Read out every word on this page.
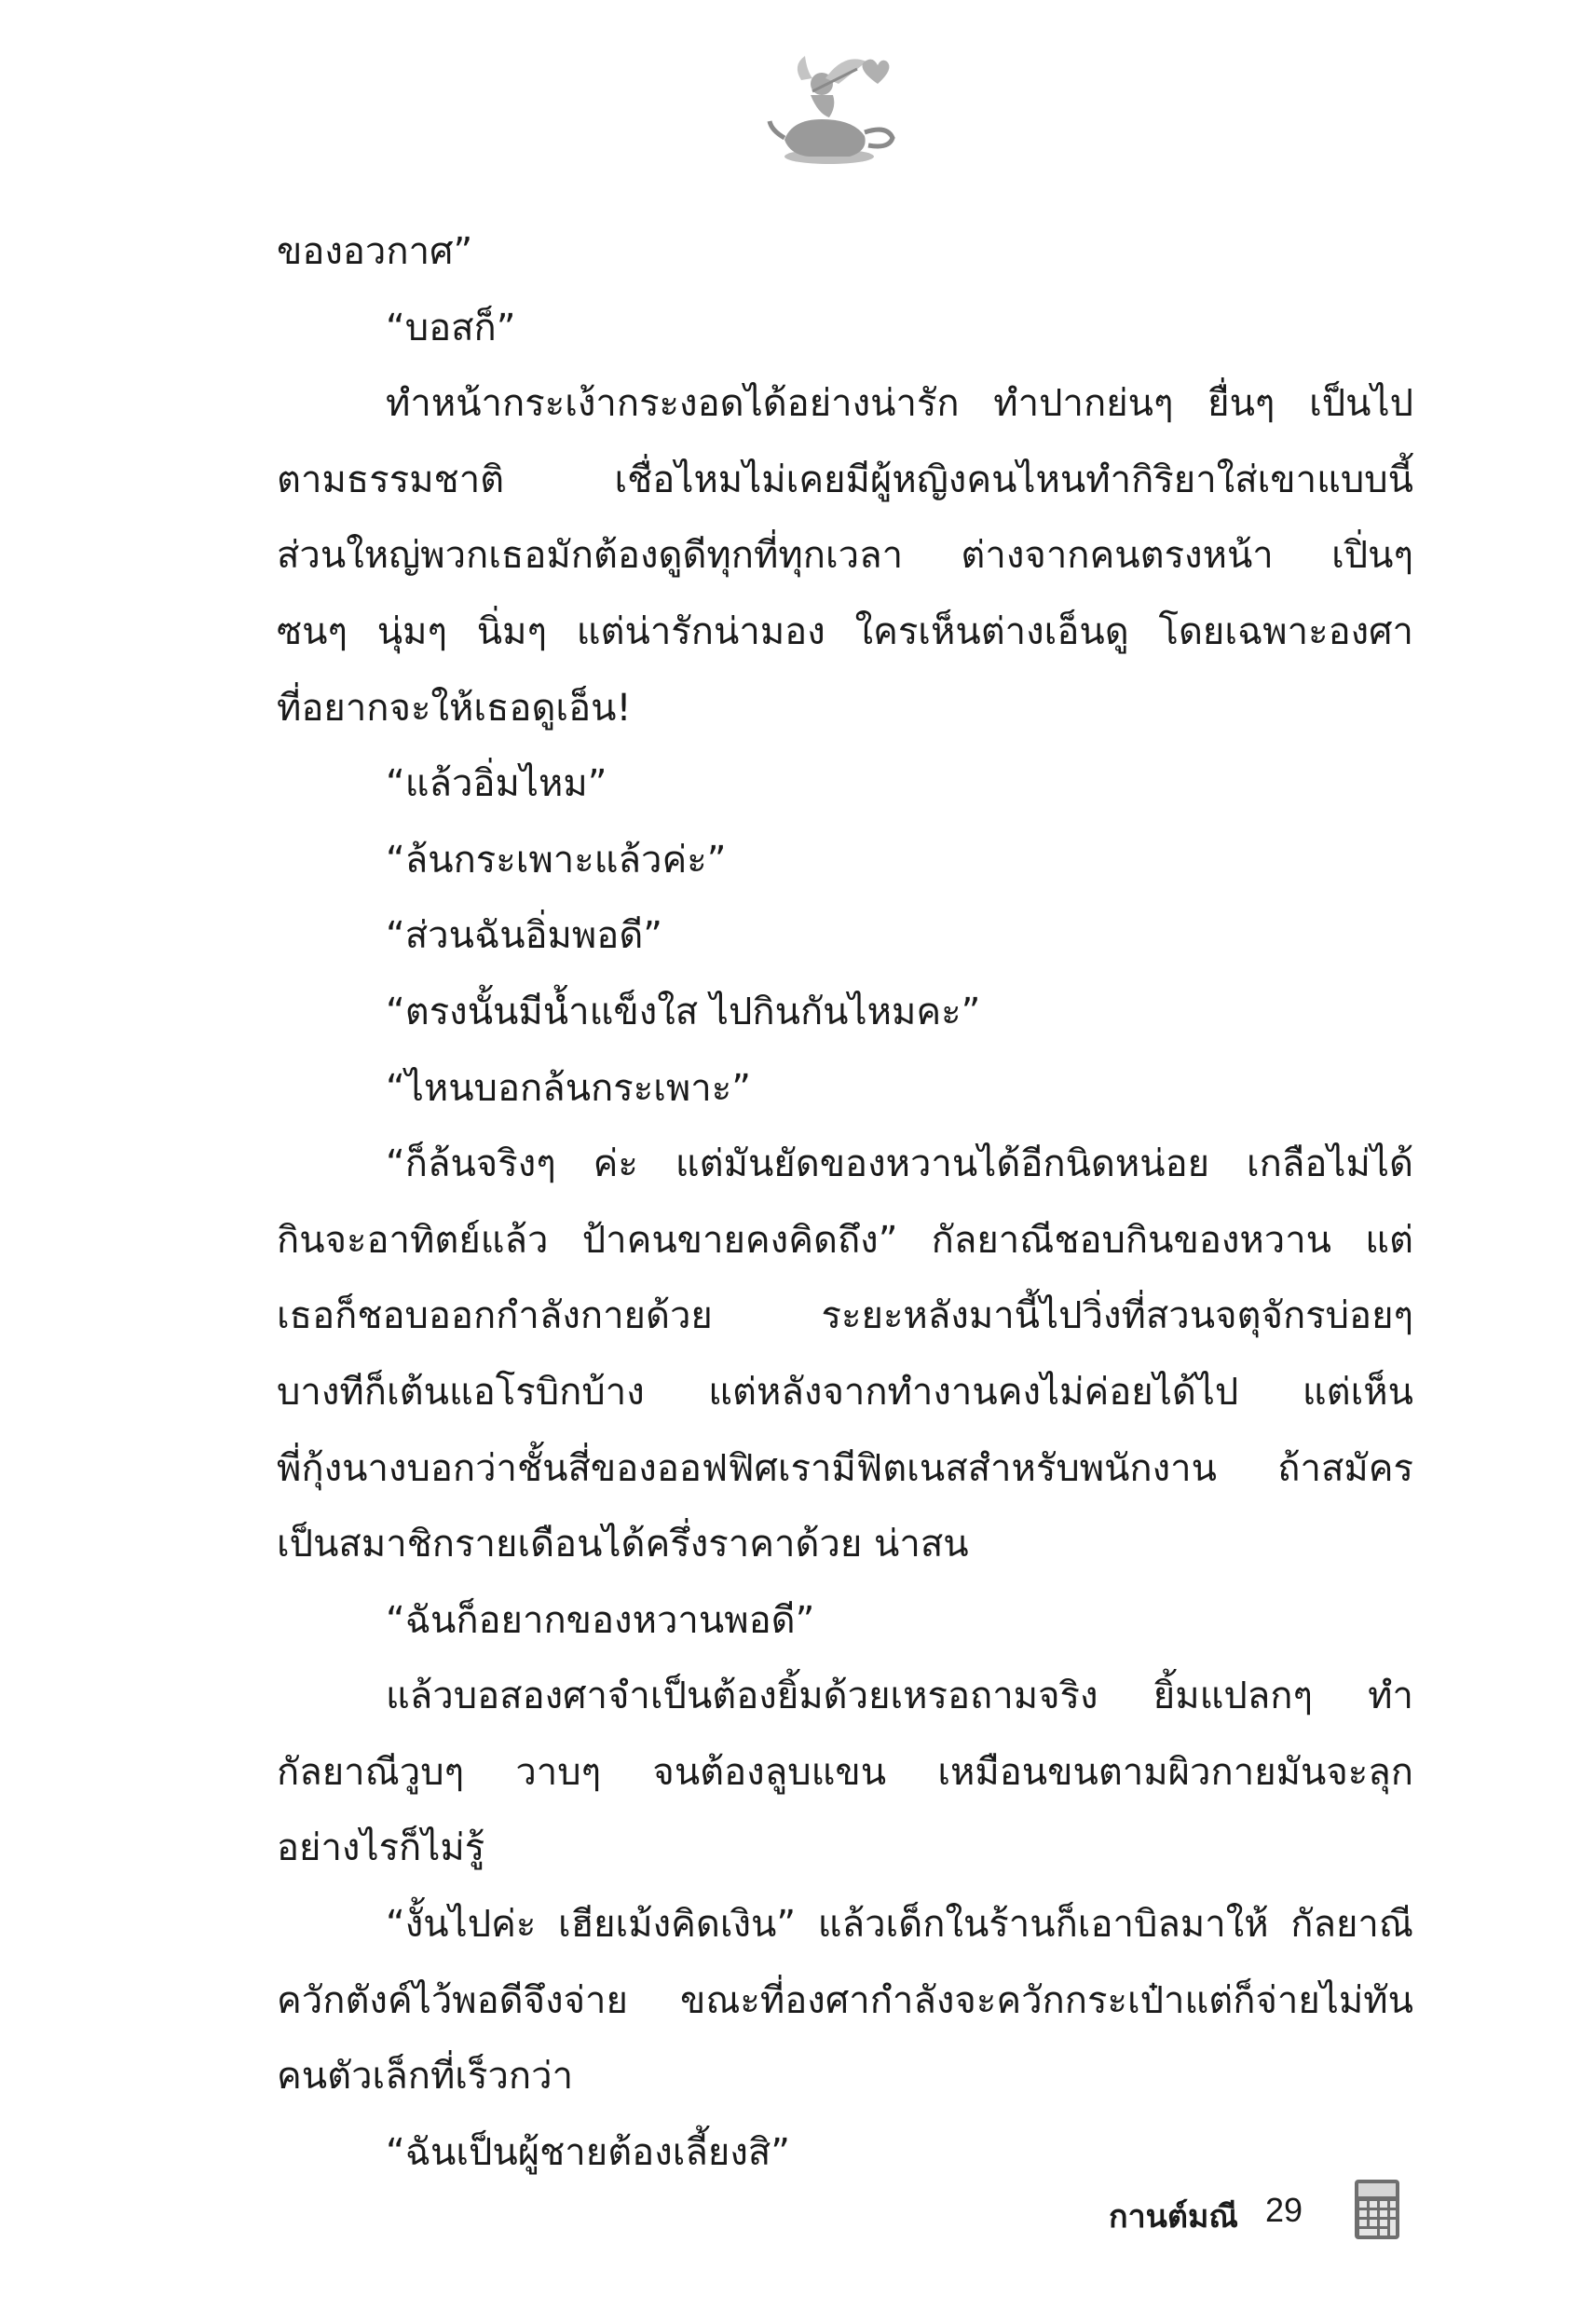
ของอวกาศ”
“บอสก็”
ทำหน้ากระเง้ากระงอดได้อย่างน่ารัก ทำปากย่นๆ ยื่นๆ เป็นไป
ตามธรรมชาติ เชื่อไหมไม่เคยมีผู้หญิงคนไหนทำกิริยาใส่เขาแบบนี้
ส่วนใหญ่พวกเธอมักต้องดูดีทุกที่ทุกเวลา ต่างจากคนตรงหน้า เปิ่นๆ
ซนๆ นุ่มๆ นิ่มๆ แต่น่ารักน่ามอง ใครเห็นต่างเอ็นดู โดยเฉพาะองศา
ที่อยากจะให้เธอดูเอ็น!
“แล้วอิ่มไหม”
“ล้นกระเพาะแล้วค่ะ”
“ส่วนฉันอิ่มพอดี”
“ตรงนั้นมีน้ำแข็งใส ไปกินกันไหมคะ”
“ไหนบอกล้นกระเพาะ”
“ก็ล้นจริงๆ ค่ะ แต่มันยัดของหวานได้อีกนิดหน่อย เกลือไม่ได้
กินจะอาทิตย์แล้ว ป้าคนขายคงคิดถึง” กัลยาณีชอบกินของหวาน แต่
เธอก็ชอบออกกำลังกายด้วย ระยะหลังมานี้ไปวิ่งที่สวนจตุจักรบ่อยๆ
บางทีก็เต้นแอโรบิกบ้าง แต่หลังจากทำงานคงไม่ค่อยได้ไป แต่เห็น
พี่กุ้งนางบอกว่าชั้นสี่ของออฟฟิศเรามีฟิตเนสสำหรับพนักงาน ถ้าสมัคร
เป็นสมาชิกรายเดือนได้ครึ่งราคาด้วย น่าสน
“ฉันก็อยากของหวานพอดี”
แล้วบอสองศาจำเป็นต้องยิ้มด้วยเหรอถามจริง ยิ้มแปลกๆ ทำ
กัลยาณีวูบๆ วาบๆ จนต้องลูบแขน เหมือนขนตามผิวกายมันจะลุก
อย่างไรก็ไม่รู้
“งั้นไปค่ะ เฮียเม้งคิดเงิน” แล้วเด็กในร้านก็เอาบิลมาให้ กัลยาณี
ควักตังค์ไว้พอดีจึงจ่าย ขณะที่องศากำลังจะควักกระเป๋าแต่ก็จ่ายไม่ทัน
คนตัวเล็กที่เร็วกว่า
“ฉันเป็นผู้ชายต้องเลี้ยงสิ”
กานต์มณี 29
